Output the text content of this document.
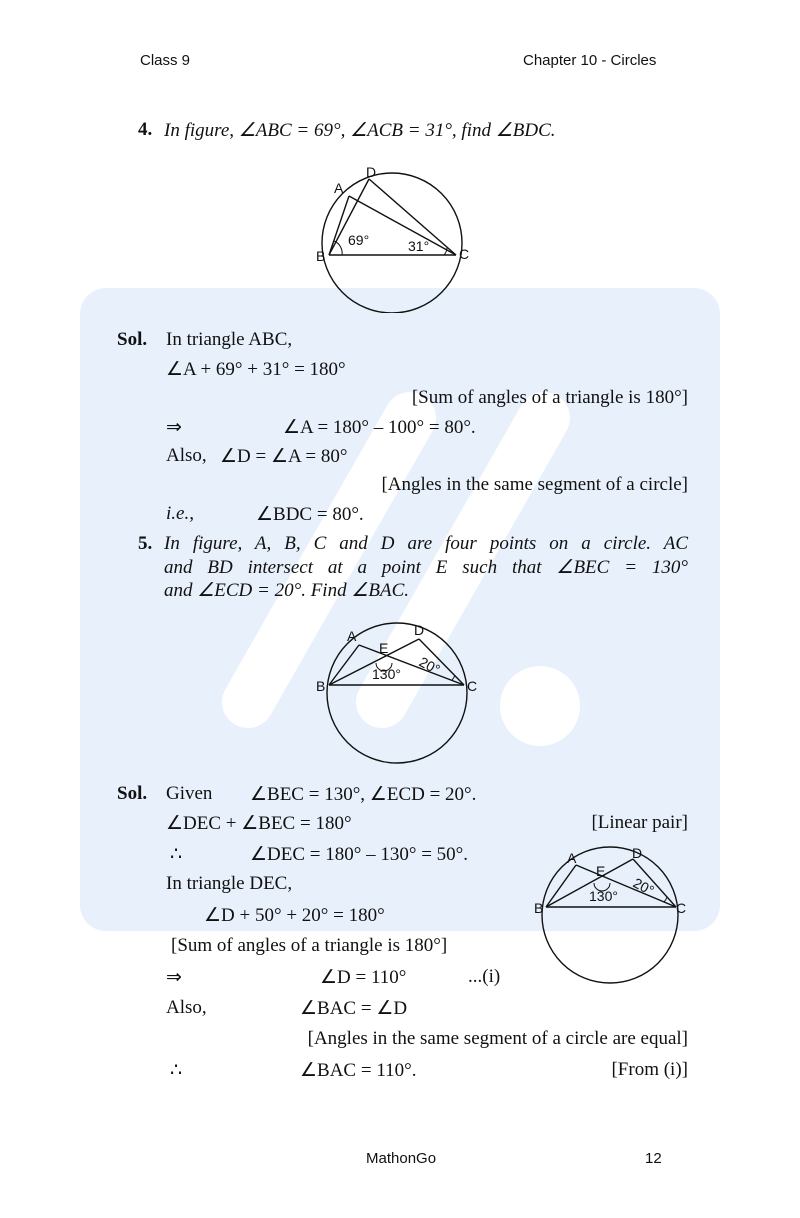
Class 9	Chapter 10 - Circles
4. In figure, ∠ABC = 69°, ∠ACB = 31°, find ∠BDC.
A
D
B	C
69°	31°
Sol. In triangle ABC,
∠A + 69° + 31° = 180°
[Sum of angles of a triangle is 180°]
⇒	∠A = 180° – 100° = 80°.
Also, ∠D = ∠A = 80°
[Angles in the same segment of a circle]
i.e.,	∠BDC = 80°.
5. In figure, A, B, C and D are four points on a circle. AC
and BD intersect at a point E such that ∠BEC = 130°
and ∠ECD = 20°. Find ∠BAC.
A	D
B	C
E
130° 20°
Sol. Given ∠BEC = 130°, ∠ECD = 20°.
∠DEC + ∠BEC = 180°	[Linear pair]
∴	∠DEC = 180° – 130° = 50°.
In triangle DEC,
∠D + 50° + 20° = 180°
[Sum of angles of a triangle is 180°]
⇒	∠D = 110°	...(i)
Also,	∠BAC = ∠D
[Angles in the same segment of a circle are equal]
∴	∠BAC = 110°.	[From (i)]
A	D
B	C
E
130° 20°
MathonGo	12
